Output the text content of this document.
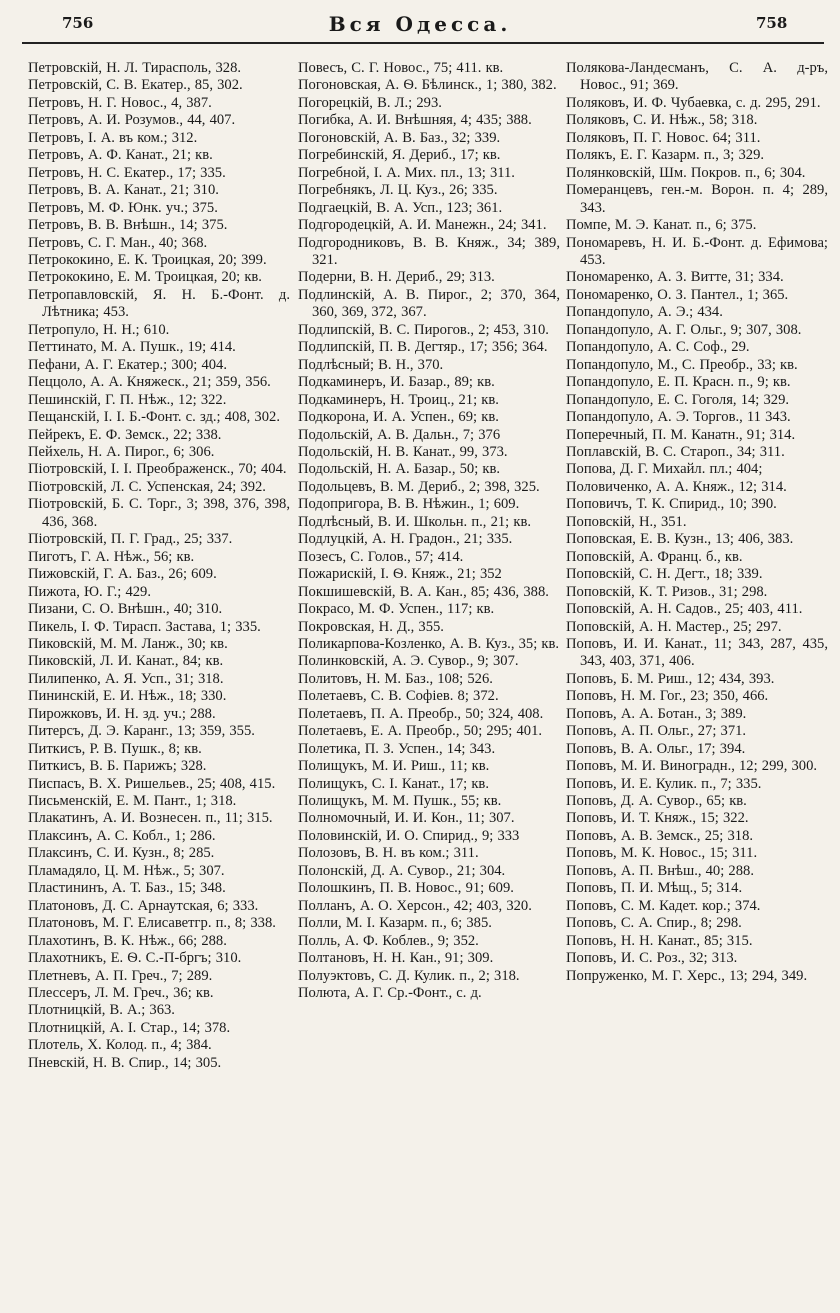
756	Вся Одесса.	758
Петровскій, Н. Л. Тирасполь, 328.
Петровскій, С. В. Екатер., 85, 302.
Петровъ, Н. Г. Новос., 4, 387.
Петровъ, А. И. Розумов., 44, 407.
Петровъ, І. А. въ ком.; 312.
Петровъ, А. Ф. Канат., 21; кв.
Петровъ, Н. С. Екатер., 17; 335.
Петровъ, В. А. Канат., 21; 310.
Петровъ, М. Ф. Юнк. уч.; 375.
Петровъ, В. В. Внѣшн., 14; 375.
Петровъ, С. Г. Ман., 40; 368.
Петрококино, Е. К. Троицкая, 20; 399.
Петрококино, Е. М. Троицкая, 20; кв.
Петропавловскій, Я. Н. Б.-Фонт. д. Лѣтника; 453.
Петропуло, Н. Н.; 610.
Петтинато, М. А. Пушк., 19; 414.
Пефани, А. Г. Екатер.; 300; 404.
Пеццоло, А. А. Княжеск., 21; 359, 356.
Пешинскій, Г. П. Нѣж., 12; 322.
Пещанскій, І. І. Б.-Фонт. с. зд.; 408, 302.
Пейрекъ, Е. Ф. Земск., 22; 338.
Пейхель, Н. А. Пирог., 6; 306.
Піотровскій, І. І. Преображенск., 70; 404.
Піотровскій, Л. С. Успенская, 24; 392.
Піотровскій, Б. С. Торг., 3; 398, 376, 398, 436, 368.
Піотровскій, П. Г. Град., 25; 337.
Пиготъ, Г. А. Нѣж., 56; кв.
Пижовскій, Г. А. Баз., 26; 609.
Пижота, Ю. Г.; 429.
Пизани, С. О. Внѣшн., 40; 310.
Пикель, І. Ф. Тирасп. Застава, 1; 335.
Пиковскій, М. М. Ланж., 30; кв.
Пиковскій, Л. И. Канат., 84; кв.
Пилипенко, А. Я. Усп., 31; 318.
Пининскій, Е. И. Нѣж., 18; 330.
Пирожковъ, И. Н. зд. уч.; 288.
Питерсъ, Д. Э. Каранг., 13; 359, 355.
Питкисъ, Р. В. Пушк., 8; кв.
Питкисъ, В. Б. Парижъ; 328.
Писпасъ, В. Х. Ришельев., 25; 408, 415.
Письменскій, Е. М. Пант., 1; 318.
Плакатинъ, А. И. Вознесен. п., 11; 315.
Плаксинъ, А. С. Кобл., 1; 286.
Плаксинъ, С. И. Кузн., 8; 285.
Пламадяло, Ц. М. Нѣж., 5; 307.
Пластининъ, А. Т. Баз., 15; 348.
Платоновъ, Д. С. Арнаутская, 6; 333.
Платоновъ, М. Г. Елисаветгр. п., 8; 338.
Плахотинъ, В. К. Нѣж., 66; 288.
Плахотникъ, Е. Ѳ. С.-П-бргъ; 310.
Плетневъ, А. П. Греч., 7; 289.
Плессеръ, Л. М. Греч., 36; кв.
Плотницкій, В. А.; 363.
Плотницкій, А. І. Стар., 14; 378.
Плотель, Х. Колод. п., 4; 384.
Пневскій, Н. В. Спир., 14; 305.
Повесъ, С. Г. Новос., 75; 411. кв.
Погоновская, А. Ѳ. Бѣлинск., 1; 380, 382.
Погорецкій, В. Л.; 293.
Погибка, А. И. Внѣшняя, 4; 435; 388.
Погоновскій, А. В. Баз., 32; 339.
Погребинскій, Я. Дериб., 17; кв.
Погребной, І. А. Мих. пл., 13; 311.
Погребнякъ, Л. Ц. Куз., 26; 335.
Подгаецкій, В. А. Усп., 123; 361.
Подгородецкій, А. И. Манежн., 24; 341.
Подгородниковъ, В. В. Княж., 34; 389, 321.
Подерни, В. Н. Дериб., 29; 313.
Подлинскій, А. В. Пирог., 2; 370, 364, 360, 369, 372, 367.
Подлипскій, В. С. Пирогов., 2; 453, 310.
Подлипскій, П. В. Дегтяр., 17; 356; 364.
Подлѣсный; В. Н., 370.
Подкаминеръ, И. Базар., 89; кв.
Подкаминеръ, Н. Троиц., 21; кв.
Подкорона, И. А. Успен., 69; кв.
Подольскій, А. В. Дальн., 7; 376
Подольскій, Н. В. Канат., 99, 373.
Подольскій, Н. А. Базар., 50; кв.
Подольцевъ, В. М. Дериб., 2; 398, 325.
Подопригора, В. В. Нѣжин., 1; 609.
Подлѣсный, В. И. Школьн. п., 21; кв.
Подлуцкій, А. Н. Градон., 21; 335.
Позесъ, С. Голов., 57; 414.
Пожарискій, І. Ѳ. Княж., 21; 352
Покшишевскій, В. А. Кан., 85; 436, 388.
Покрасо, М. Ф. Успен., 117; кв.
Покровская, Н. Д., 355.
Поликарпова-Козленко, А. В. Куз., 35; кв.
Полинковскій, А. Э. Сувор., 9; 307.
Политовъ, Н. М. Баз., 108; 526.
Полетаевъ, С. В. Софіев. 8; 372.
Полетаевъ, П. А. Преобр., 50; 324, 408.
Полетаевъ, Е. А. Преобр., 50; 295; 401.
Полетика, П. З. Успен., 14; 343.
Полищукъ, М. И. Риш., 11; кв.
Полищукъ, С. І. Канат., 17; кв.
Полищукъ, М. М. Пушк., 55; кв.
Полномочный, И. И. Кон., 11; 307.
Половинскій, И. О. Спирид., 9; 333
Полозовъ, В. Н. въ ком.; 311.
Полонскій, Д. А. Сувор., 21; 304.
Полошкинъ, П. В. Новос., 91; 609.
Полланъ, А. О. Херсон., 42; 403, 320.
Полли, М. І. Казарм. п., 6; 385.
Полль, А. Ф. Коблев., 9; 352.
Полтановъ, Н. Н. Кан., 91; 309.
Полуэктовъ, С. Д. Кулик. п., 2; 318.
Полюта, А. Г. Ср.-Фонт., с. д.
Полякова-Ландесманъ, С. А. д-ръ, Новос., 91; 369.
Поляковъ, И. Ф. Чубаевка, с. д. 295, 291.
Поляковъ, С. И. Нѣж., 58; 318.
Поляковъ, П. Г. Новос. 64; 311.
Полякъ, Е. Г. Казарм. п., 3; 329.
Полянковскій, Шм. Покров. п., 6; 304.
Померанцевъ, ген.-м. Ворон. п. 4; 289, 343.
Помпе, М. Э. Канат. п., 6; 375.
Пономаревъ, Н. И. Б.-Фонт. д. Ефимова; 453.
Пономаренко, А. З. Витте, 31; 334.
Пономаренко, О. З. Пантел., 1; 365.
Попандопуло, А. Э.; 434.
Попандопуло, А. Г. Ольг., 9; 307, 308.
Попандопуло, А. С. Соф., 29.
Попандопуло, М., С. Преобр., 33; кв.
Попандопуло, Е. П. Красн. п., 9; кв.
Попандопуло, Е. С. Гоголя, 14; 329.
Попандопуло, А. Э. Торгов., 11 343.
Поперечный, П. М. Канатн., 91; 314.
Поплавскій, В. С. Староп., 34; 311.
Попова, Д. Г. Михайл. пл.; 404;
Половиченко, А. А. Княж., 12; 314.
Поповичъ, Т. К. Спирид., 10; 390.
Поповскій, Н., 351.
Поповская, Е. В. Кузн., 13; 406, 383.
Поповскій, А. Франц. б., кв.
Поповскій, С. Н. Дегт., 18; 339.
Поповскій, К. Т. Ризов., 31; 298.
Поповскій, А. Н. Садов., 25; 403, 411.
Поповскій, А. Н. Мастер., 25; 297.
Поповъ, И. И. Канат., 11; 343, 287, 435, 343, 403, 371, 406.
Поповъ, Б. М. Риш., 12; 434, 393.
Поповъ, Н. М. Гог., 23; 350, 466.
Поповъ, А. А. Ботан., 3; 389.
Поповъ, А. П. Ольг., 27; 371.
Поповъ, В. А. Ольг., 17; 394.
Поповъ, М. И. Виноградн., 12; 299, 300.
Поповъ, И. Е. Кулик. п., 7; 335.
Поповъ, Д. А. Сувор., 65; кв.
Поповъ, И. Т. Княж., 15; 322.
Поповъ, А. В. Земск., 25; 318.
Поповъ, М. К. Новос., 15; 311.
Поповъ, А. П. Внѣш., 40; 288.
Поповъ, П. И. Мѣщ., 5; 314.
Поповъ, С. М. Кадет. кор.; 374.
Поповъ, С. А. Спир., 8; 298.
Поповъ, Н. Н. Канат., 85; 315.
Поповъ, И. С. Роз., 32; 313.
Попруженко, М. Г. Херс., 13; 294, 349.
